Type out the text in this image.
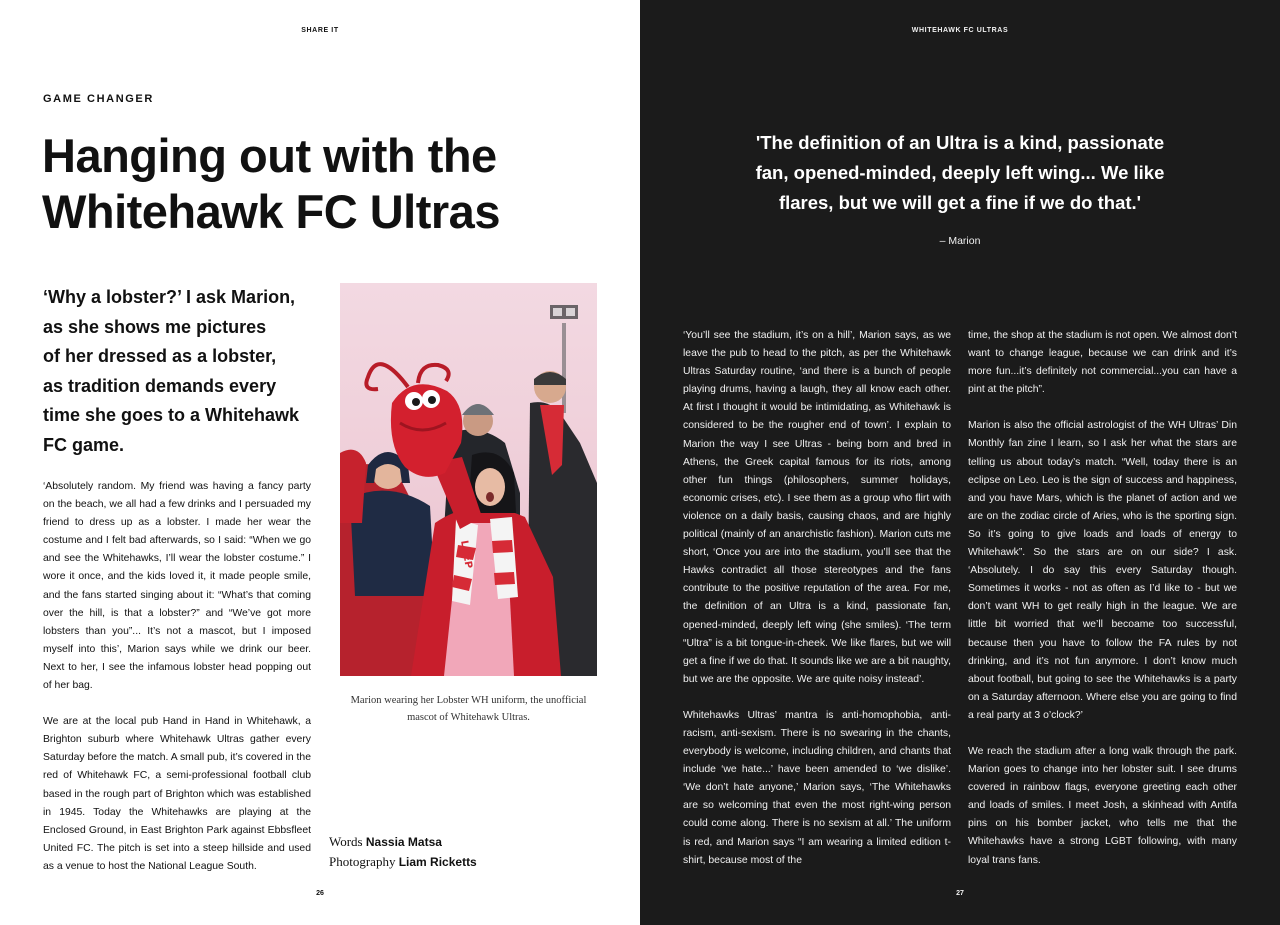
SHARE IT
GAME CHANGER
Hanging out with the
Whitehawk FC Ultras
‘Why a lobster?’ I ask Marion,
as she shows me pictures
of her dressed as a lobster,
as tradition demands every
time she goes to a Whitehawk
FC game.

‘Absolutely random. My friend was having a fancy party on the beach, we all had a few drinks and I persuaded my friend to dress up as a lobster. I made her wear the costume and I felt bad afterwards, so I said: “When we go and see the Whitehawks, I’ll wear the lobster costume.” I wore it once, and the kids loved it, it made people smile, and the fans started singing about it: “What’s that coming over the hill, is that a lobster?” and “We’ve got more lobsters than you”... It’s not a mascot, but I imposed myself into this’, Marion says while we drink our beer. Next to her, I see the infamous lobster head popping out of her bag.

We are at the local pub Hand in Hand in Whitehawk, a Brighton suburb where Whitehawk Ultras gather every Saturday before the match. A small pub, it’s covered in the red of Whitehawk FC, a semi-professional football club based in the rough part of Brighton which was established in 1945. Today the Whitehawks are playing at the Enclosed Ground, in East Brighton Park against Ebbsfleet United FC. The pitch is set into a steep hillside and used as a venue to host the National League South.

LREP
Marion wearing her Lobster WH uniform, the unofficial mascot of Whitehawk Ultras.
Words Nassia Matsa
Photography Liam Ricketts
26
WHITEHAWK FC ULTRAS
'The definition of an Ultra is a kind, passionate
fan, opened-minded, deeply left wing... We like
flares, but we will get a fine if we do that.'
– Marion

‘You’ll see the stadium, it’s on a hill’, Marion says, as we leave the pub to head to the pitch, as per the Whitehawk Ultras Saturday routine, ‘and there is a bunch of people playing drums, having a laugh, they all know each other. At first I thought it would be intimidating, as Whitehawk is considered to be the rougher end of town’. I explain to Marion the way I see Ultras - being born and bred in Athens, the Greek capital famous for its riots, among other fun things (philosophers, summer holidays, economic crises, etc). I see them as a group who flirt with violence on a daily basis, causing chaos, and are highly political (mainly of an anarchistic fashion). Marion cuts me short, ‘Once you are into the stadium, you’ll see that the Hawks contradict all those stereotypes and the fans contribute to the positive reputation of the area. For me, the definition of an Ultra is a kind, passionate fan, opened-minded, deeply left wing (she smiles). ‘The term “Ultra” is a bit tongue-in-cheek. We like flares, but we will get a fine if we do that. It sounds like we are a bit naughty, but we are the opposite. We are quite noisy instead’.

Whitehawks Ultras’ mantra is anti-homophobia, anti-racism, anti-sexism. There is no swearing in the chants, everybody is welcome, including children, and chants that include ‘we hate...’ have been amended to ‘we dislike’. ‘We don’t hate anyone,’ Marion says, ‘The Whitehawks are so welcoming that even the most right-wing person could come along. There is no sexism at all.’ The uniform is red, and Marion says “I am wearing a limited edition t-shirt, because most of the

time, the shop at the stadium is not open. We almost don’t want to change league, because we can drink and it’s more fun...it’s definitely not commercial...you can have a pint at the pitch”.

Marion is also the official astrologist of the WH Ultras’ Din Monthly fan zine I learn, so I ask her what the stars are telling us about today’s match. “Well, today there is an eclipse on Leo. Leo is the sign of success and happiness, and you have Mars, which is the planet of action and we are on the zodiac circle of Aries, who is the sporting sign. So it’s going to give loads and loads of energy to Whitehawk”. So the stars are on our side? I ask. ‘Absolutely. I do say this every Saturday though. Sometimes it works - not as often as I’d like to - but we don’t want WH to get really high in the league. We are little bit worried that we’ll becoame too successful, because then you have to follow the FA rules by not drinking, and it’s not fun anymore. I don’t know much about football, but going to see the Whitehawks is a party on a Saturday afternoon. Where else you are going to find a real party at 3 o’clock?’

We reach the stadium after a long walk through the park. Marion goes to change into her lobster suit. I see drums covered in rainbow flags, everyone greeting each other and loads of smiles. I meet Josh, a skinhead with Antifa pins on his bomber jacket, who tells me that the Whitehawks have a strong LGBT following, with many loyal trans fans.

27
